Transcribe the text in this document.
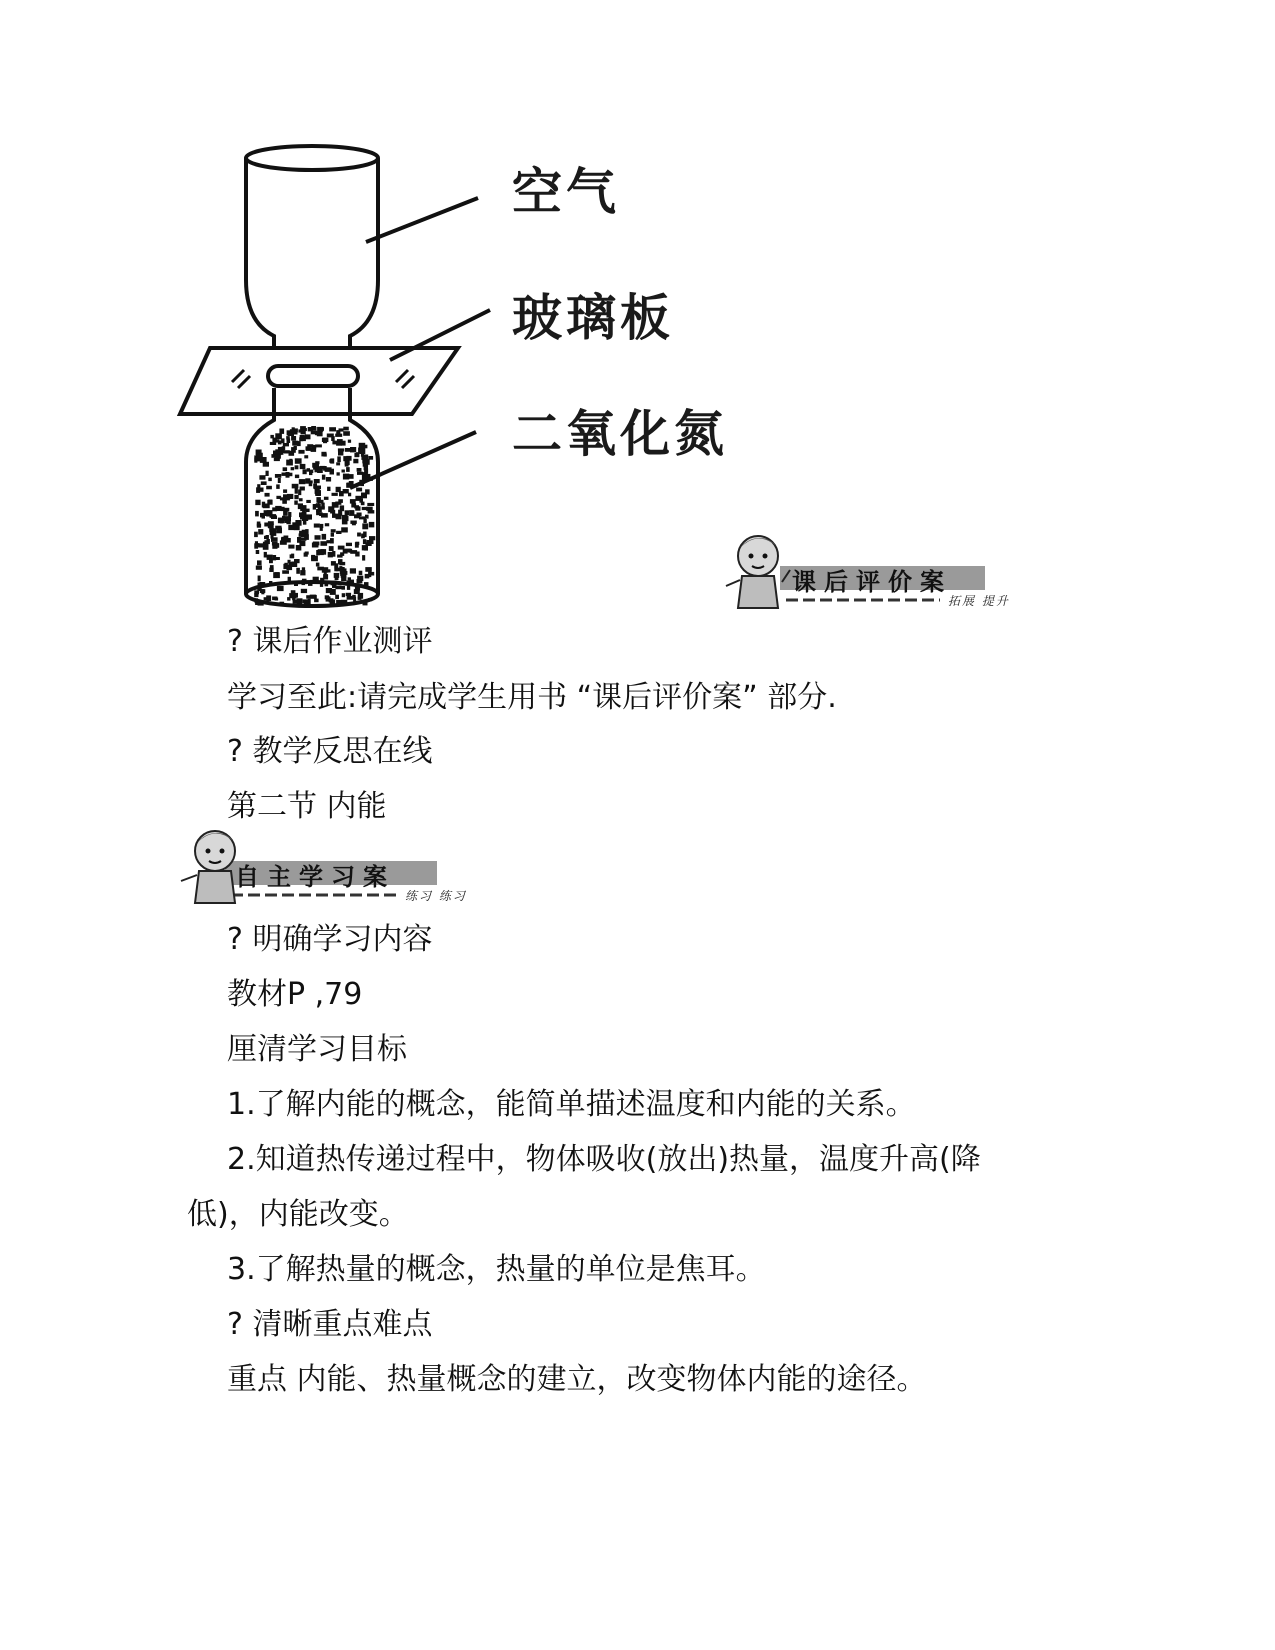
空气
玻璃板
二氧化氮
课后评价案
拓展 提升
自主学习案
练习 练习
? 课后作业测评
学习至此:请完成学生用书 “课后评价案” 部分.
? 教学反思在线
第二节 内能
? 明确学习内容
教材P ,79
厘清学习目标
1.了解内能的概念，能简单描述温度和内能的关系。
2.知道热传递过程中，物体吸收(放出)热量，温度升高(降
低)，内能改变。
3.了解热量的概念，热量的单位是焦耳。
? 清晰重点难点
重点 内能、热量概念的建立，改变物体内能的途径。
